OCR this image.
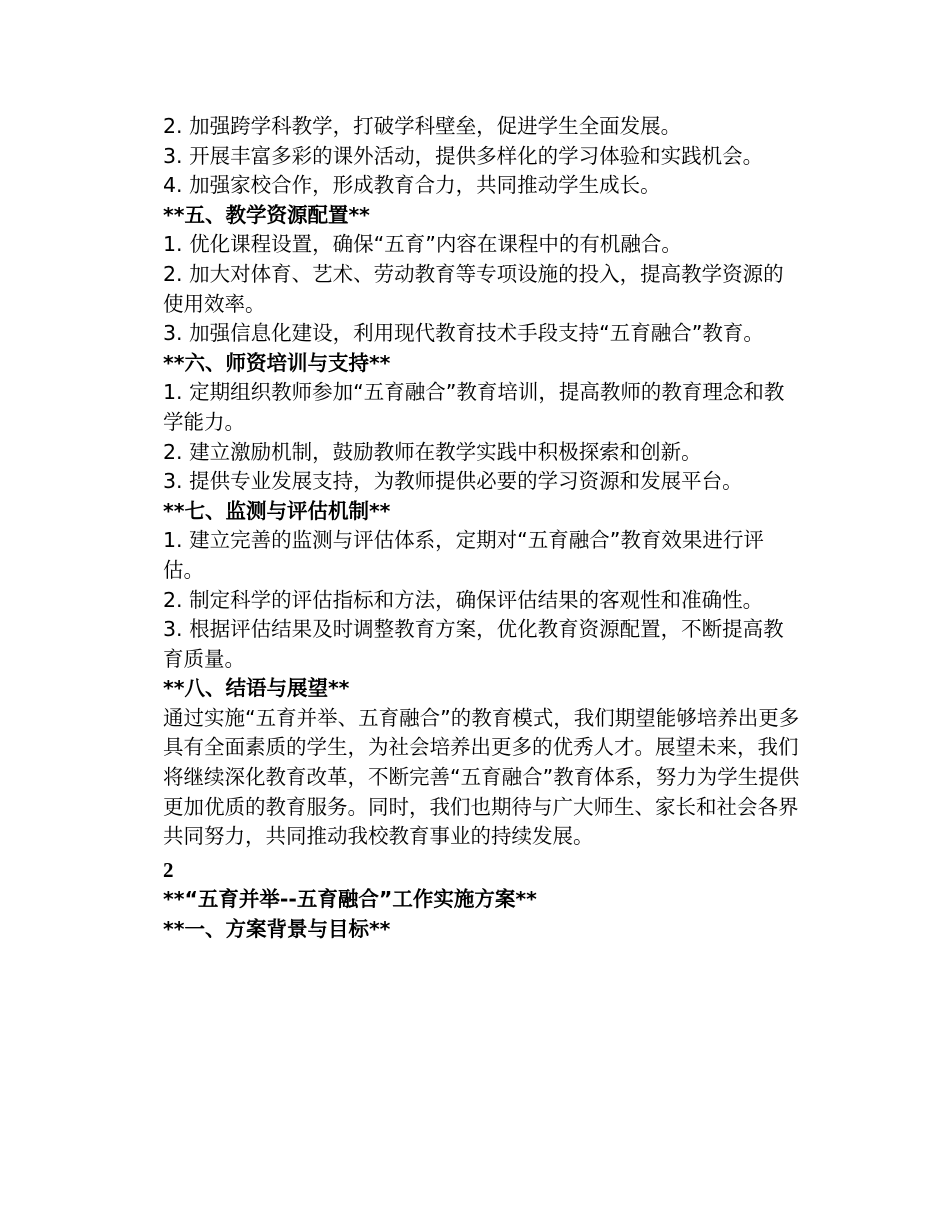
2. 加强跨学科教学，打破学科壁垒，促进学生全面发展。

3. 开展丰富多彩的课外活动，提供多样化的学习体验和实践机会。

4. 加强家校合作，形成教育合力，共同推动学生成长。

**五、教学资源配置**

1. 优化课程设置，确保“五育”内容在课程中的有机融合。

2. 加大对体育、艺术、劳动教育等专项设施的投入，提高教学资源的使用效率。

3. 加强信息化建设，利用现代教育技术手段支持“五育融合”教育。

**六、师资培训与支持**

1. 定期组织教师参加“五育融合”教育培训，提高教师的教育理念和教学能力。

2. 建立激励机制，鼓励教师在教学实践中积极探索和创新。

3. 提供专业发展支持，为教师提供必要的学习资源和发展平台。

**七、监测与评估机制**

1. 建立完善的监测与评估体系，定期对“五育融合”教育效果进行评估。

2. 制定科学的评估指标和方法，确保评估结果的客观性和准确性。

3. 根据评估结果及时调整教育方案，优化教育资源配置，不断提高教育质量。

**八、结语与展望**

通过实施“五育并举、五育融合”的教育模式，我们期望能够培养出更多具有全面素质的学生，为社会培养出更多的优秀人才。展望未来，我们将继续深化教育改革，不断完善“五育融合”教育体系，努力为学生提供更加优质的教育服务。同时，我们也期待与广大师生、家长和社会各界共同努力，共同推动我校教育事业的持续发展。

2

**“五育并举--五育融合”工作实施方案**

**一、方案背景与目标**
